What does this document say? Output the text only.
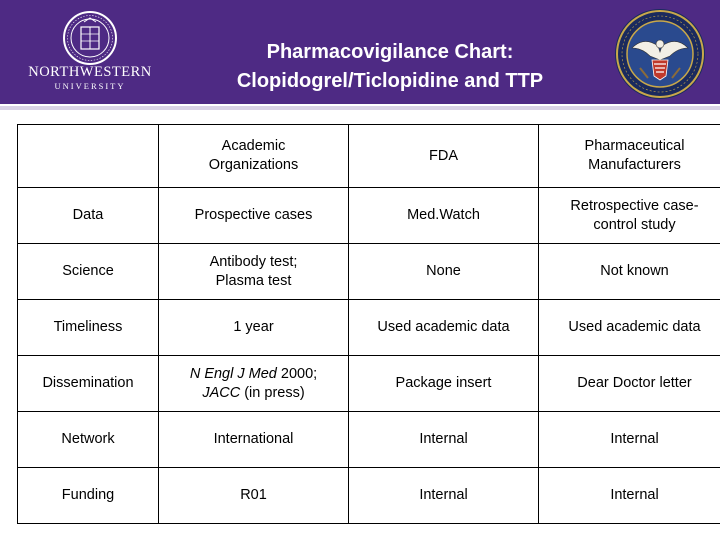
NORTHWESTERN
UNIVERSITY
Pharmacovigilance Chart:
Clopidogrel/Ticlopidine and TTP
	Academic
Organizations	FDA	Pharmaceutical
Manufacturers
Data	Prospective cases	Med.Watch	Retrospective case-
control study
Science	Antibody test;
Plasma test	None	Not known
Timeliness	1 year	Used academic data	Used academic data
Dissemination	N Engl J Med 2000;
JACC (in press)	Package insert	Dear Doctor letter
Network	International	Internal	Internal
Funding	R01	Internal	Internal
